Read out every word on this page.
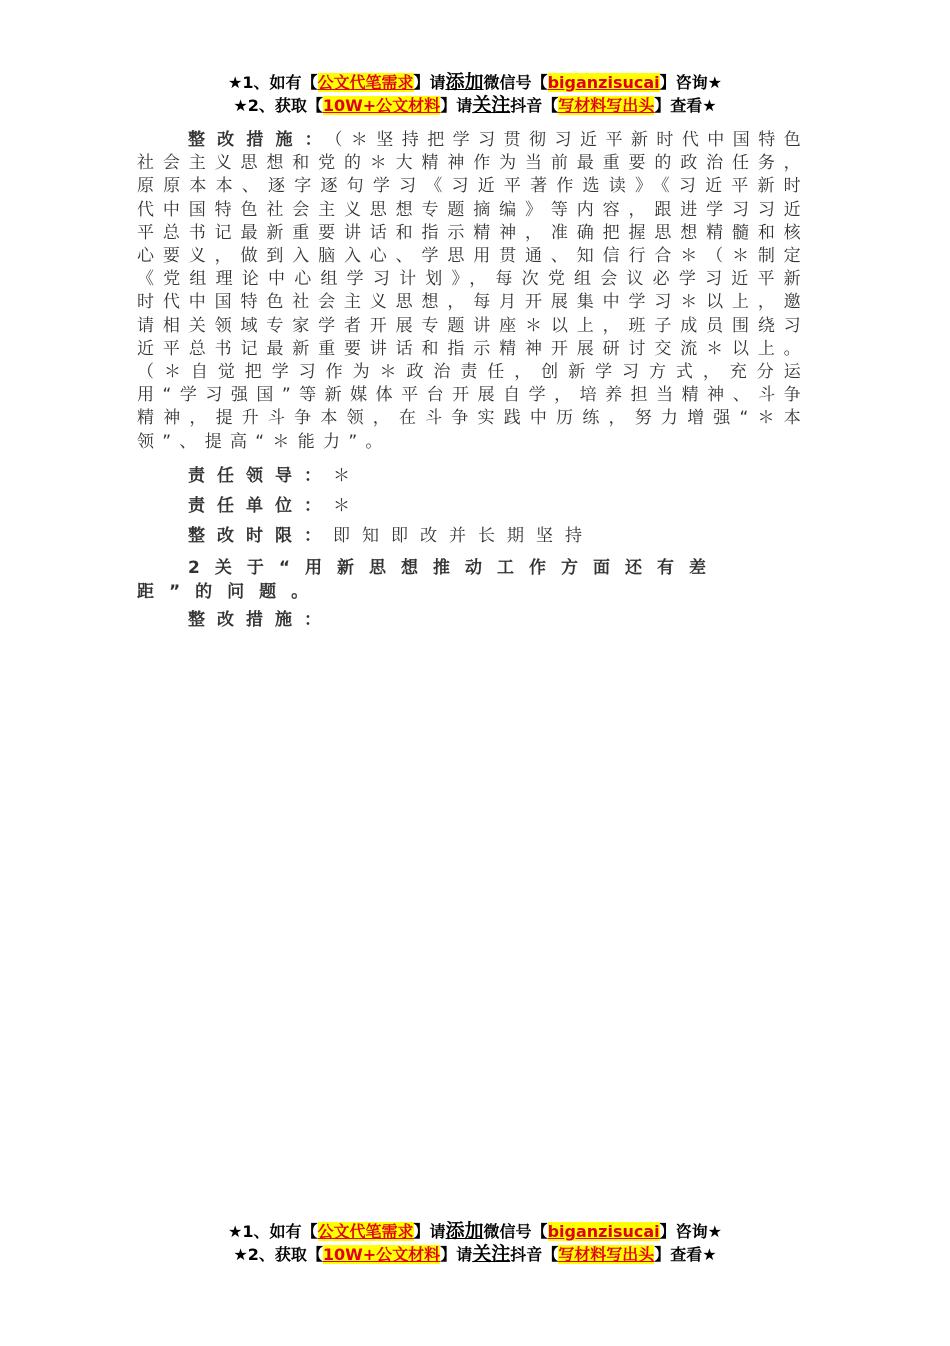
★1、如有【公文代笔需求】请添加微信号【biganzisucai】咨询★
★2、获取【10W+公文材料】请关注抖音【写材料写出头】查看★

整改措施：（＊坚持把学习贯彻习近平新时代中国特色社会主义思想和党的＊大精神作为当前最重要的政治任务，原原本本、逐字逐句学习《习近平著作选读》《习近平新时代中国特色社会主义思想专题摘编》等内容，跟进学习习近平总书记最新重要讲话和指示精神，准确把握思想精髓和核心要义，做到入脑入心、学思用贯通、知信行合＊（＊制定《党组理论中心组学习计划》，每次党组会议必学习近平新时代中国特色社会主义思想，每月开展集中学习＊以上，邀请相关领域专家学者开展专题讲座＊以上，班子成员围绕习近平总书记最新重要讲话和指示精神开展研讨交流＊以上。（＊自觉把学习作为＊政治责任，创新学习方式，充分运用“学习强国”等新媒体平台开展自学，培养担当精神、斗争精神，提升斗争本领，在斗争实践中历练，努力增强“＊本领”、提高“＊能力”。

责任领导：＊

责任单位：＊

整改时限：即知即改并长期坚持

2关于“用新思想推动工作方面还有差距”的问题。

整改措施：

★1、如有【公文代笔需求】请添加微信号【biganzisucai】咨询★
★2、获取【10W+公文材料】请关注抖音【写材料写出头】查看★
